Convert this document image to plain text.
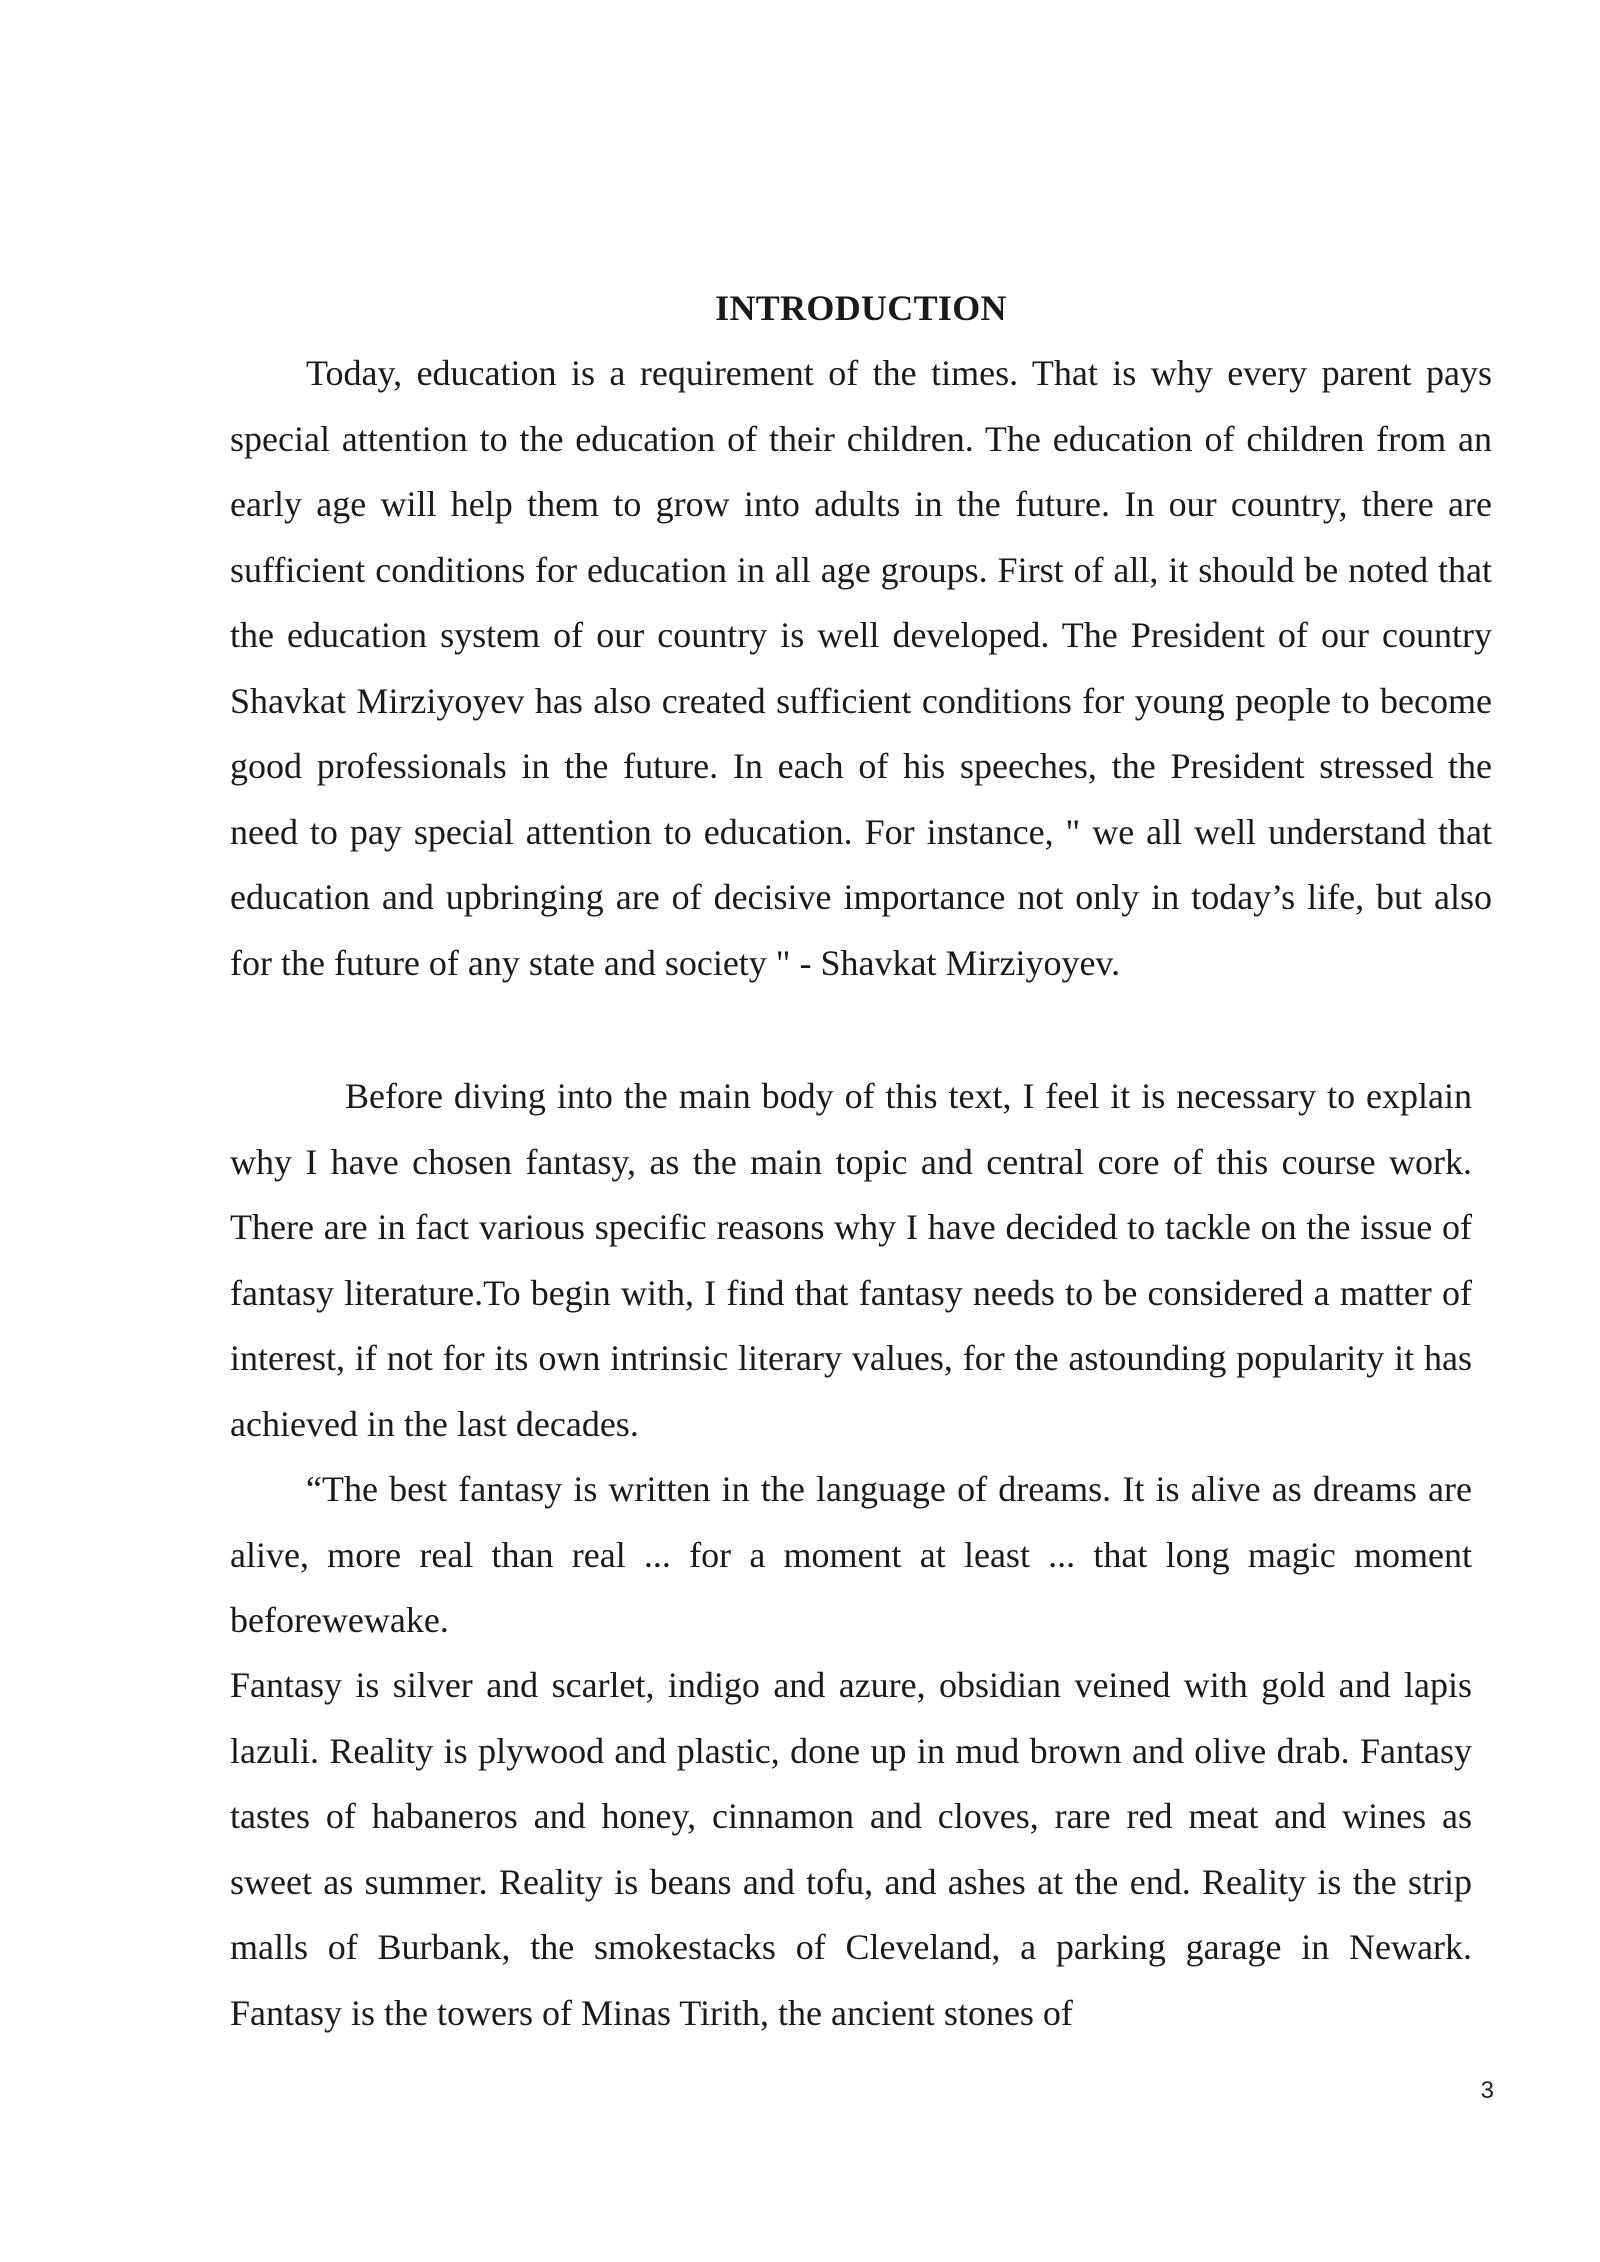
INTRODUCTION

Today, education is a requirement of the times. That is why every parent pays special attention to the education of their children. The education of children from an early age will help them to grow into adults in the future. In our country, there are sufficient conditions for education in all age groups. First of all, it should be noted that the education system of our country is well developed. The President of our country Shavkat Mirziyoyev has also created sufficient conditions for young people to become good professionals in the future. In each of his speeches, the President stressed the need to pay special attention to education. For instance, " we all well understand that education and upbringing are of decisive importance not only in today’s life, but also for the future of any state and society " - Shavkat Mirziyoyev.

Before diving into the main body of this text, I feel it is necessary to explain why I have chosen fantasy, as the main topic and central core of this course work. There are in fact various specific reasons why I have decided to tackle on the issue of fantasy literature.To begin with, I find that fantasy needs to be considered a matter of interest, if not for its own intrinsic literary values, for the astounding popularity it has achieved in the last decades.

“The best fantasy is written in the language of dreams. It is alive as dreams are alive, more real than real ... for a moment at least ... that long magic moment beforewewake.

Fantasy is silver and scarlet, indigo and azure, obsidian veined with gold and lapis lazuli. Reality is plywood and plastic, done up in mud brown and olive drab. Fantasy tastes of habaneros and honey, cinnamon and cloves, rare red meat and wines as sweet as summer. Reality is beans and tofu, and ashes at the end. Reality is the strip malls of Burbank, the smokestacks of Cleveland, a parking garage in Newark. Fantasy is the towers of Minas Tirith, the ancient stones of

3
